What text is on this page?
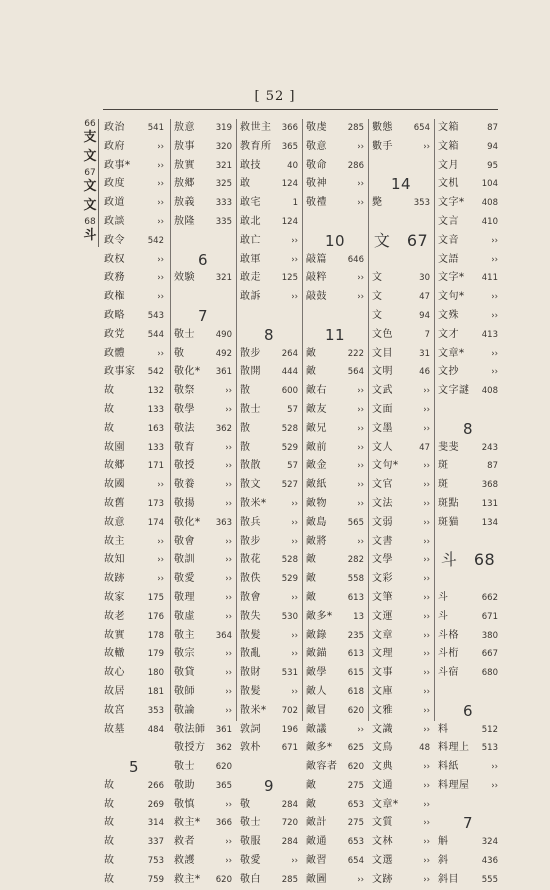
[ 52 ]
66
支
文
67
文
文
68
斗
政治	541
政府	››
政事*	››
政度	››
政道	››
政談	››
政令	542
政权	››
政務	››
政権	››
政略	543
政党	544
政體	››
政事家 542
故	132
故	133
故	163
故園	133
故郷	171
故國	››
故舊	173
故意	174
故主	››
故知	››
故跡	››
故家	175
故老	176
故實	178
故轍	179
故心	180
故居	181
故宮	353
故墓	484
5
故	266
故	269
故	314
故	337
故	753
故	759
敖意 319
敖事 320
敖實 321
敖郷 325
敖義 333
敖隆 335
6
效験 321
7
敬士 490
敬	492
敬化* 361
敬祭	››
敬學	››
敬法 362
敬育	››
敬授	››
敬養	››
敬揚	››
敬化* 363
敬會	››
敬訓	››
敬愛	››
敬理	››
敬虚	››
敬主 364
敬宗	››
敬貸	››
敬師	››
敬論	››
敬法師 361
敬授方 362
敬士 620
敬助 365
敬慎	››
救主* 366
救者	››
救護	››
救主* 620
救世主 366
教育所 365
敢技	40
敢	124
敢宅	1
敢北 124
敢亡	››
敢軍	››
敢走 125
敢訴	››
8
散步 264
散開 444
散	600
散士	57
散	528
散	529
散散	57
散文 527
散米*	››
散兵	››
散步	››
散花 528
散佚 529
散會	››
散失 530
散髪	››
散亂	››
散財 531
散髪	››
散米* 702
敦詞 196
敦朴 671
9
敬	284
敬士 720
敬服 284
敬愛	››
敬白 285
敬虔 285
敬意	››
敬命 286
敬神	››
敬禮	››
10
敲篇 646
敲粹	››
敲鼓	››
11
敵	222
敵	564
敵右	››
敵友	››
敵兄	››
敵前	››
敵金	››
敵紙	››
敵物	››
敵島 565
敵將	››
敵	282
敵	558
敵	613
敵多* 13
敵錄 235
敵錨 613
敵學 615
敵人 618
敵冒 620
敵議	››
敵多* 625
敵容者 620
敵	275
敵	653
敵計 275
敵通 653
敵習 654
敵圖	››
數態 654
數手	››
14
斃	353
文　67
文	30
文	47
文	94
文色	7
文目	31
文明	46
文武	››
文面	››
文墨	››
文人	47
文句*	››
文官	››
文法	››
文弱	››
文書	››
文學	››
文彩	››
文筆	››
文運	››
文章	››
文理	››
文事	››
文庫	››
文雅	››
文識	››
文鳥	48
文典	››
文通	››
文章*	››
文質	››
文林	››
文選	››
文跡	››
文箱	87
文箱	94
文月	95
文机	104
文字* 408
文言	410
文音	››
文語	››
文字* 411
文句*	››
文殊	››
文才	413
文章*	››
文抄	››
文字謎 408
8
斐斐	243
斑	87
斑	368
斑點	131
斑猫	134
斗　68
斗	662
斗	671
斗格	380
斗桁	667
斗宿	680
6
料	512
料理上 513
料紙	››
料理屋	››
7
斛	324
斜	436
斜目	555
